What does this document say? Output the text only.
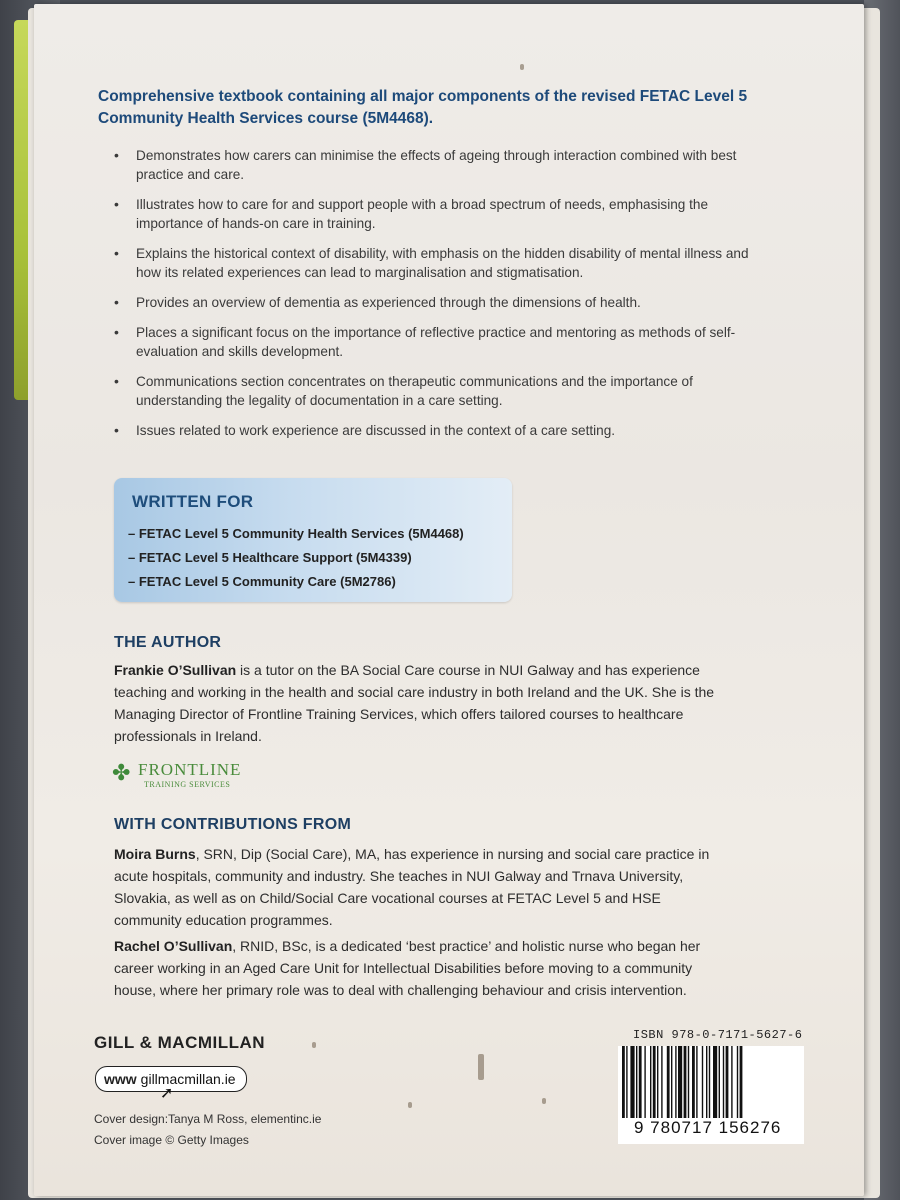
Comprehensive textbook containing all major components of the revised FETAC Level 5 Community Health Services course (5M4468).
• Demonstrates how carers can minimise the effects of ageing through interaction combined with best practice and care.
• Illustrates how to care for and support people with a broad spectrum of needs, emphasising the importance of hands-on care in training.
• Explains the historical context of disability, with emphasis on the hidden disability of mental illness and how its related experiences can lead to marginalisation and stigmatisation.
• Provides an overview of dementia as experienced through the dimensions of health.
• Places a significant focus on the importance of reflective practice and mentoring as methods of self-evaluation and skills development.
• Communications section concentrates on therapeutic communications and the importance of understanding the legality of documentation in a care setting.
• Issues related to work experience are discussed in the context of a care setting.
WRITTEN FOR
– FETAC Level 5 Community Health Services (5M4468)
– FETAC Level 5 Healthcare Support (5M4339)
– FETAC Level 5 Community Care (5M2786)
THE AUTHOR
Frankie O’Sullivan is a tutor on the BA Social Care course in NUI Galway and has experience teaching and working in the health and social care industry in both Ireland and the UK. She is the Managing Director of Frontline Training Services, which offers tailored courses to healthcare professionals in Ireland.
✤ FRONTLINE
TRAINING SERVICES
WITH CONTRIBUTIONS FROM
Moira Burns, SRN, Dip (Social Care), MA, has experience in nursing and social care practice in acute hospitals, community and industry. She teaches in NUI Galway and Trnava University, Slovakia, as well as on Child/Social Care vocational courses at FETAC Level 5 and HSE community education programmes.
Rachel O’Sullivan, RNID, BSc, is a dedicated ‘best practice’ and holistic nurse who began her career working in an Aged Care Unit for Intellectual Disabilities before moving to a community house, where her primary role was to deal with challenging behaviour and crisis intervention.
GILL & MACMILLAN
www gillmacmillan.ie
➚
Cover design:Tanya M Ross, elementinc.ie
Cover image © Getty Images
ISBN 978-0-7171-5627-6
9 780717 156276
